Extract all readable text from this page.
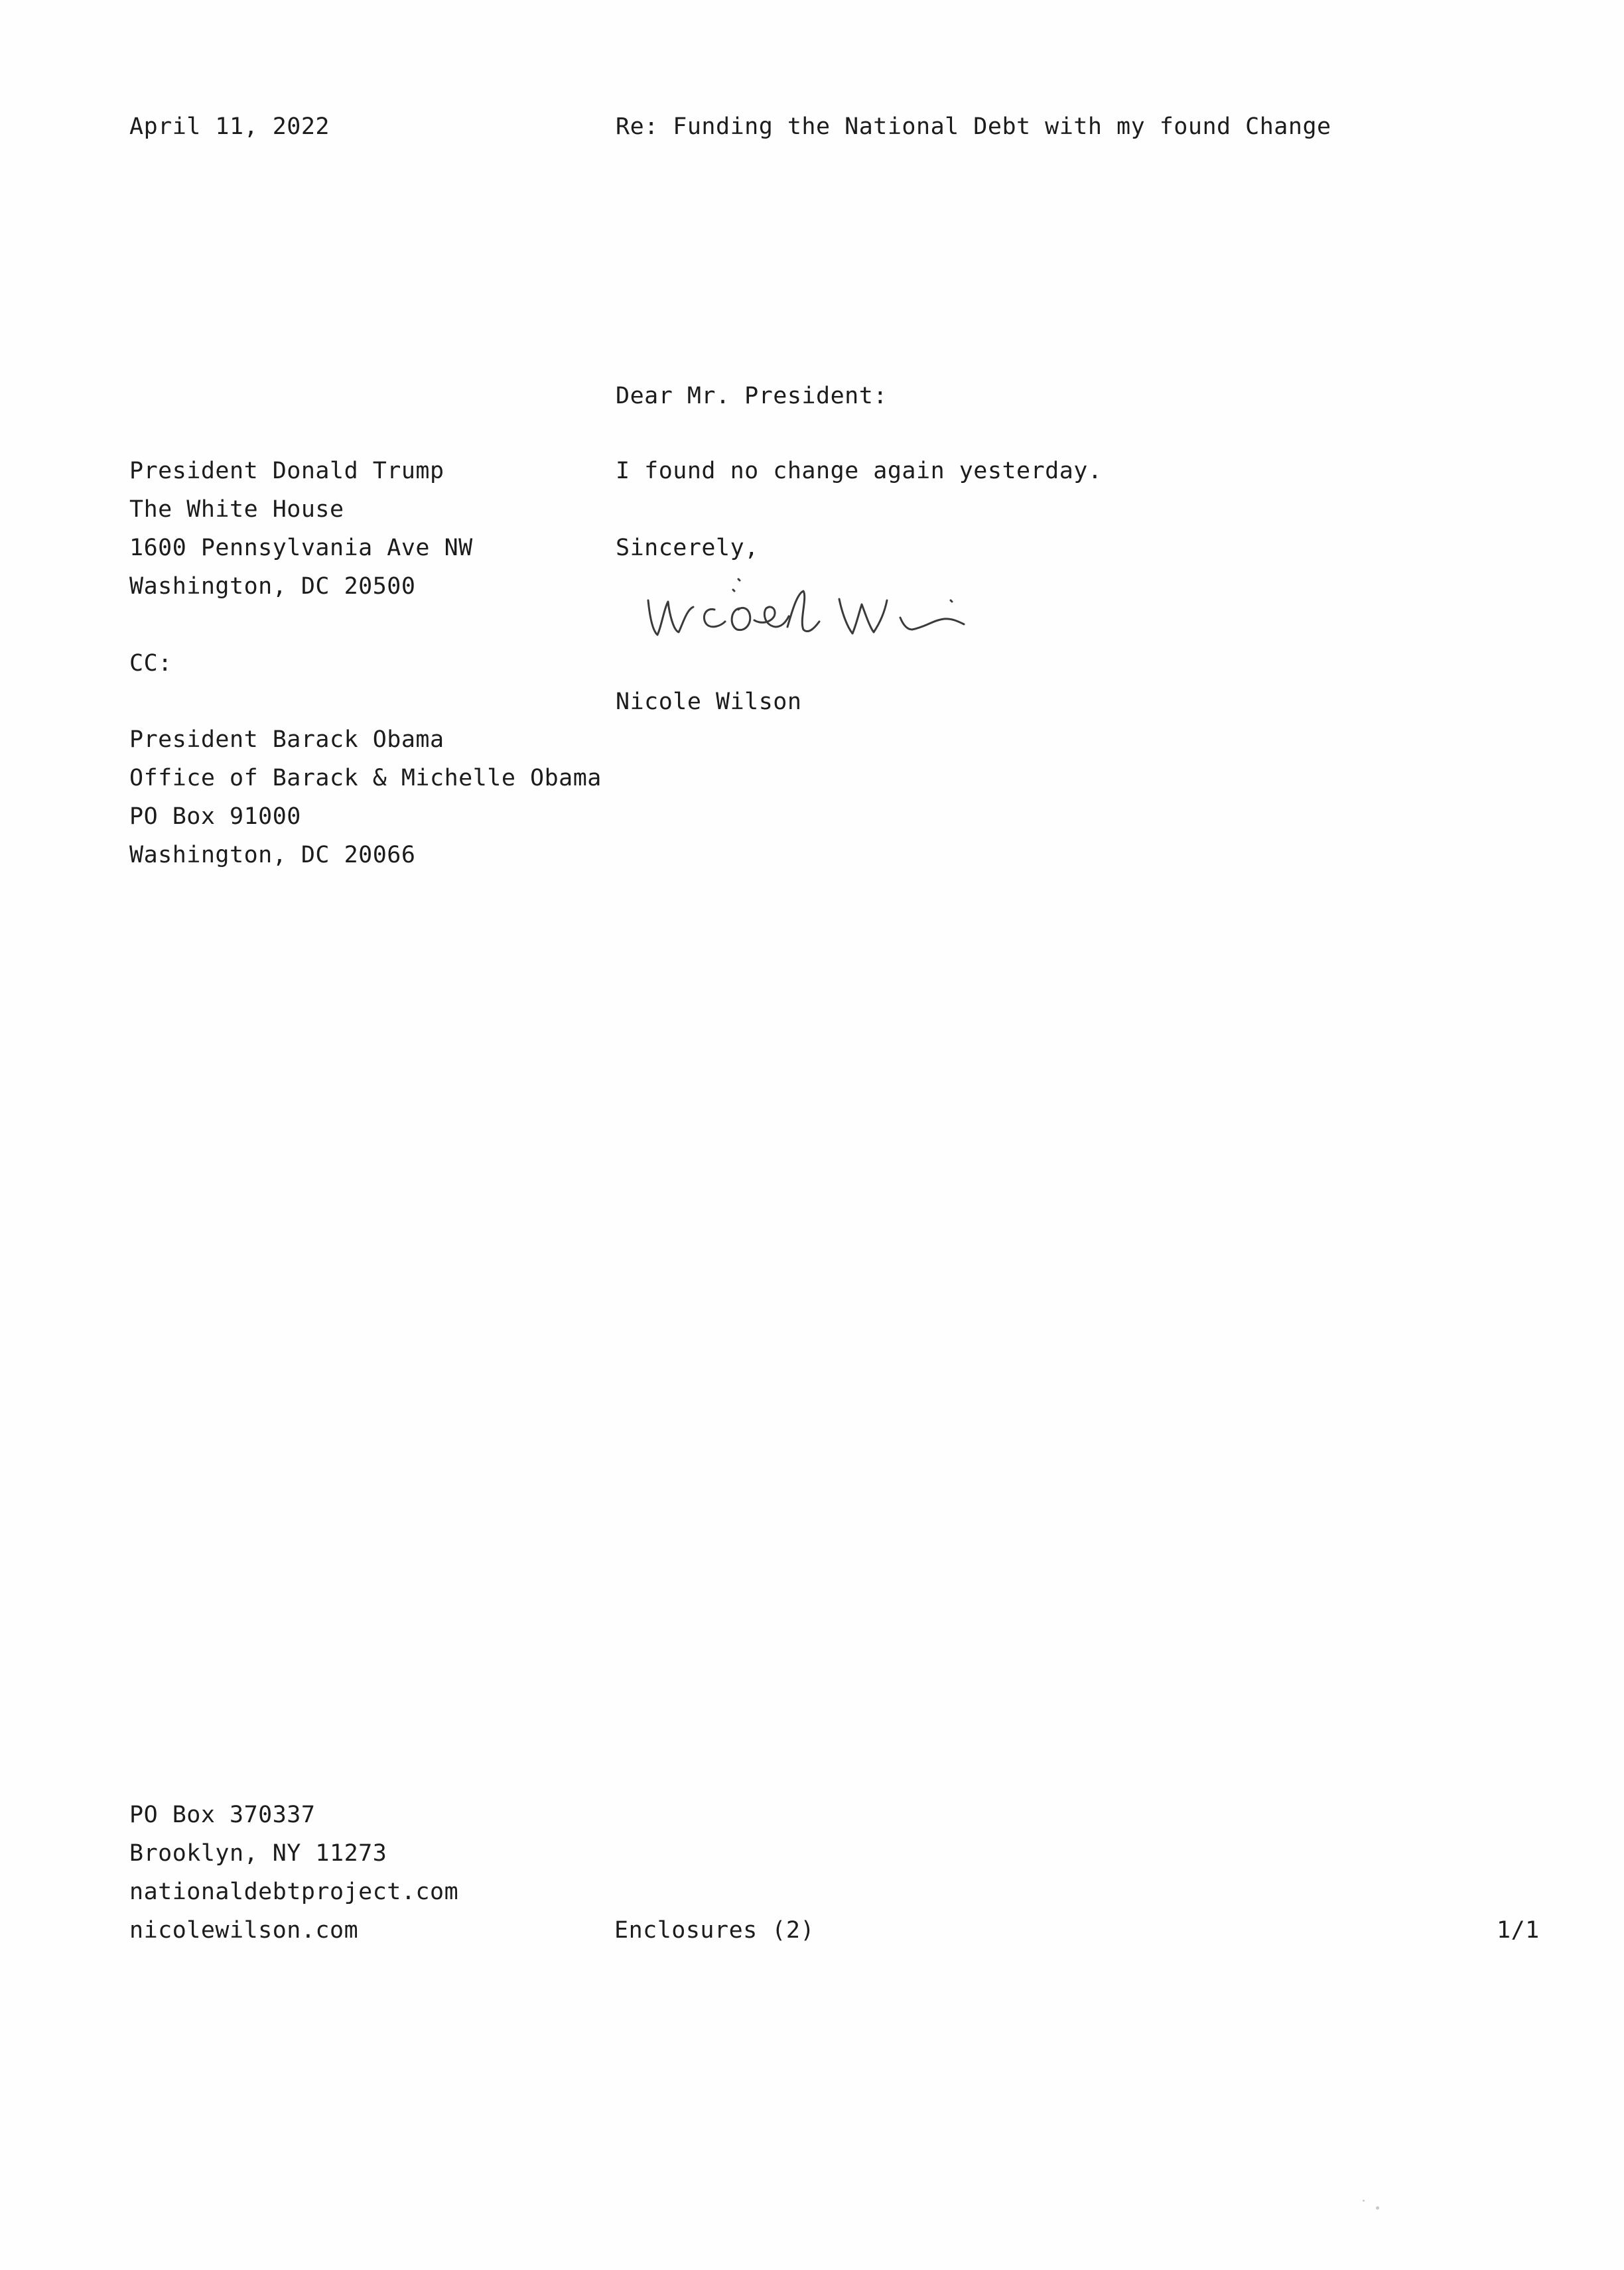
April 11, 2022	Re: Funding the National Debt with my found Change
Dear Mr. President:
President Donald Trump
The White House
1600 Pennsylvania Ave NW
Washington, DC 20500
I found no change again yesterday.
Sincerely,
CC:
Nicole Wilson
President Barack Obama
Office of Barack & Michelle Obama
PO Box 91000
Washington, DC 20066
PO Box 370337
Brooklyn, NY 11273
nationaldebtproject.com
nicolewilson.com	Enclosures (2)	1/1
